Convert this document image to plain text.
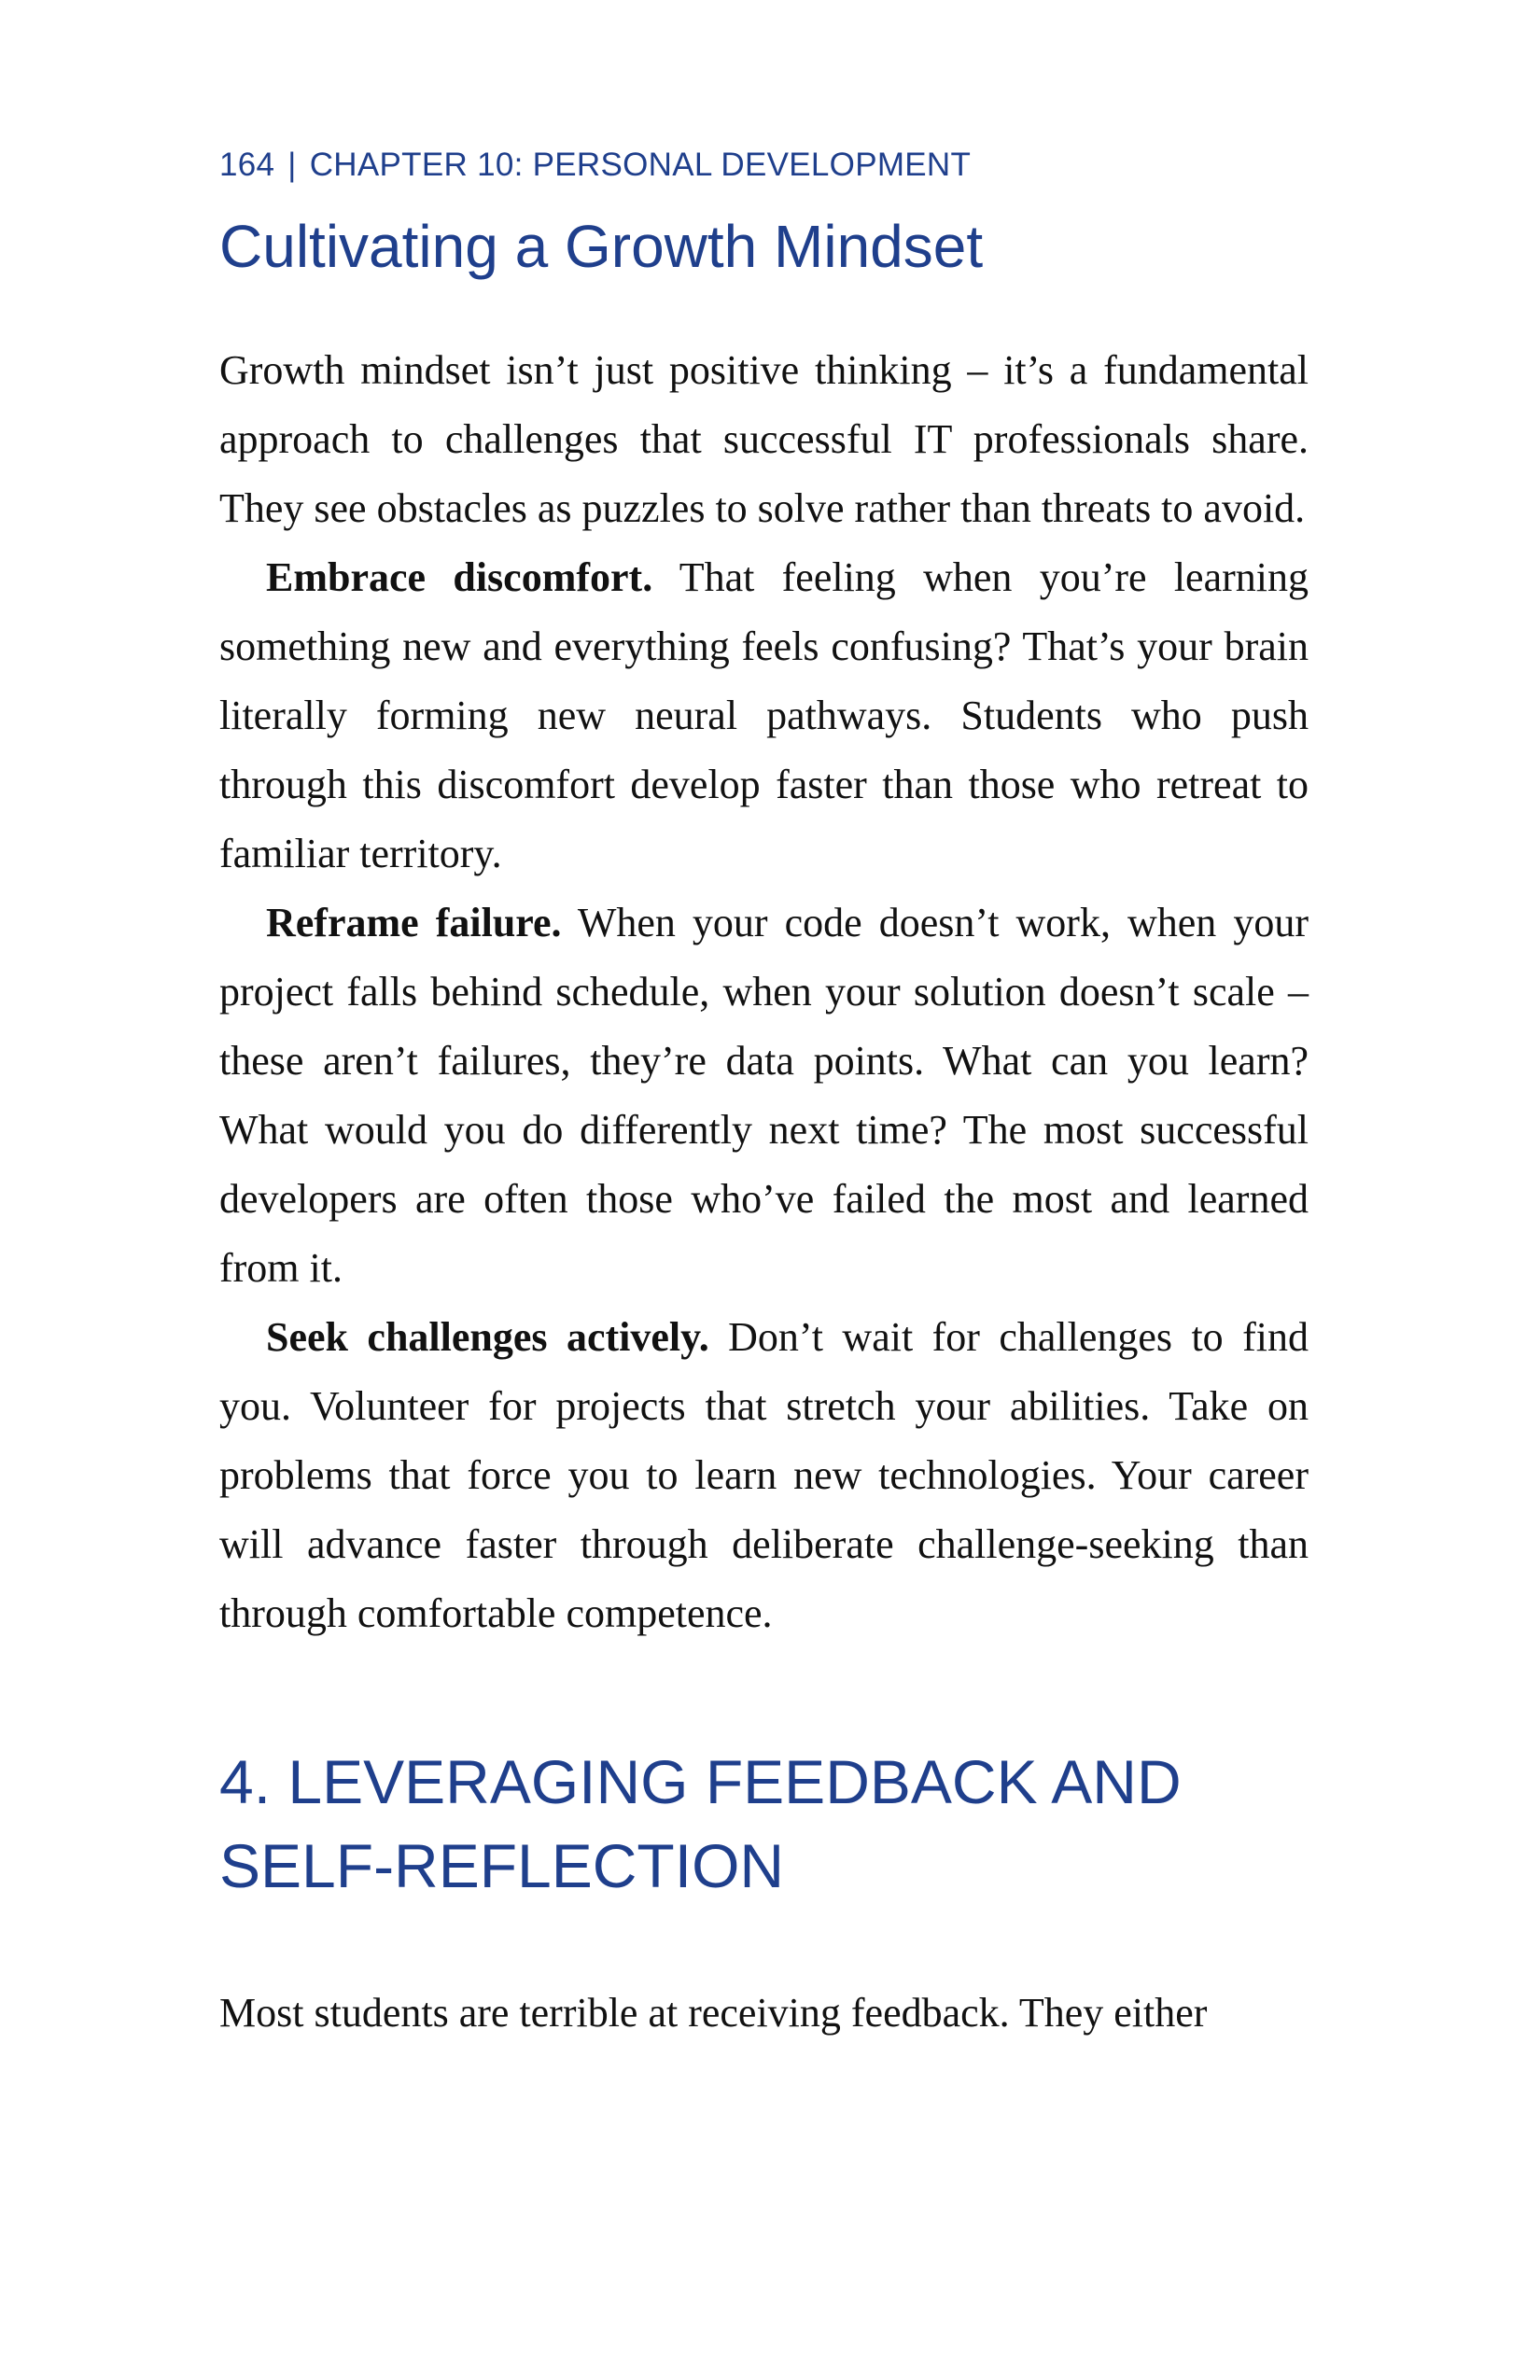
164 | CHAPTER 10: PERSONAL DEVELOPMENT
Cultivating a Growth Mindset

Growth mindset isn’t just positive thinking – it’s a fundamental approach to challenges that successful IT professionals share. They see obstacles as puzzles to solve rather than threats to avoid.

Embrace discomfort. That feeling when you’re learning something new and everything feels confusing? That’s your brain literally forming new neural pathways. Students who push through this discomfort develop faster than those who retreat to familiar territory.

Reframe failure. When your code doesn’t work, when your project falls behind schedule, when your solution doesn’t scale – these aren’t failures, they’re data points. What can you learn? What would you do differently next time? The most successful developers are often those who’ve failed the most and learned from it.

Seek challenges actively. Don’t wait for challenges to find you. Volunteer for projects that stretch your abilities. Take on problems that force you to learn new technologies. Your career will advance faster through deliberate challenge-seeking than through comfortable competence.

4. LEVERAGING FEEDBACK AND SELF-REFLECTION

Most students are terrible at receiving feedback. They either
